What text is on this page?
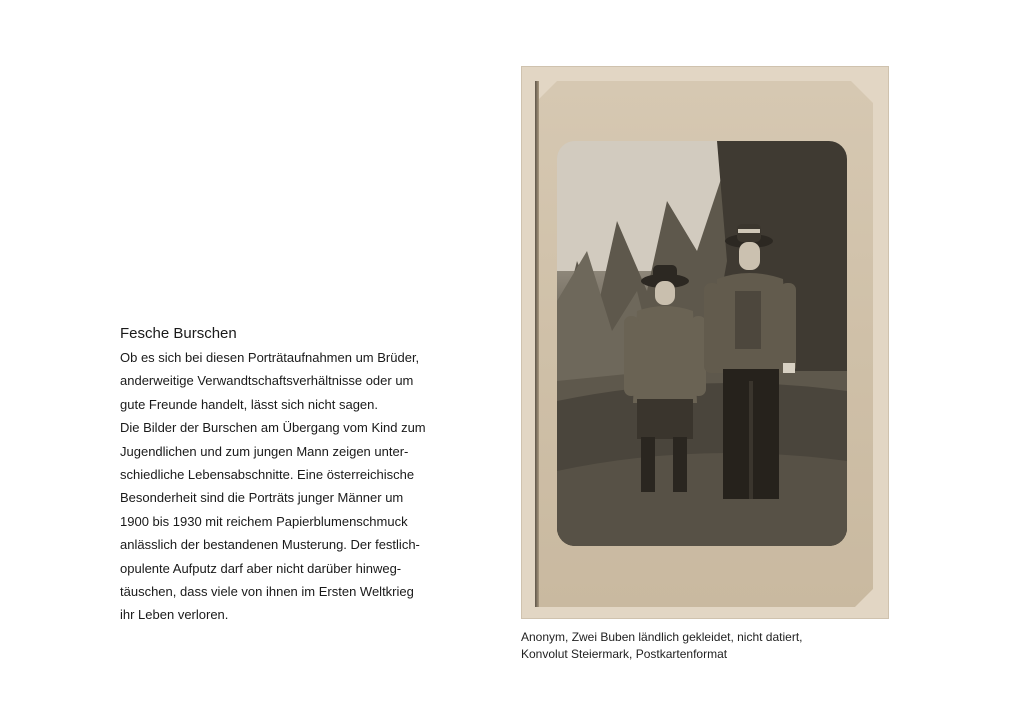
Fesche Burschen
Ob es sich bei diesen Porträtaufnahmen um Brüder,
anderweitige Verwandtschaftsverhältnisse oder um
gute Freunde handelt, lässt sich nicht sagen.
Die Bilder der Burschen am Übergang vom Kind zum
Jugendlichen und zum jungen Mann zeigen unter-
schiedliche Lebensabschnitte. Eine österreichische
Besonderheit sind die Porträts junger Männer um
1900 bis 1930 mit reichem Papierblumenschmuck
anlässlich der bestandenen Musterung. Der festlich-
opulente Aufputz darf aber nicht darüber hinweg-
täuschen, dass viele von ihnen im Ersten Weltkrieg
ihr Leben verloren.
Anonym, Zwei Buben ländlich gekleidet, nicht datiert,
Konvolut Steiermark, Postkartenformat
